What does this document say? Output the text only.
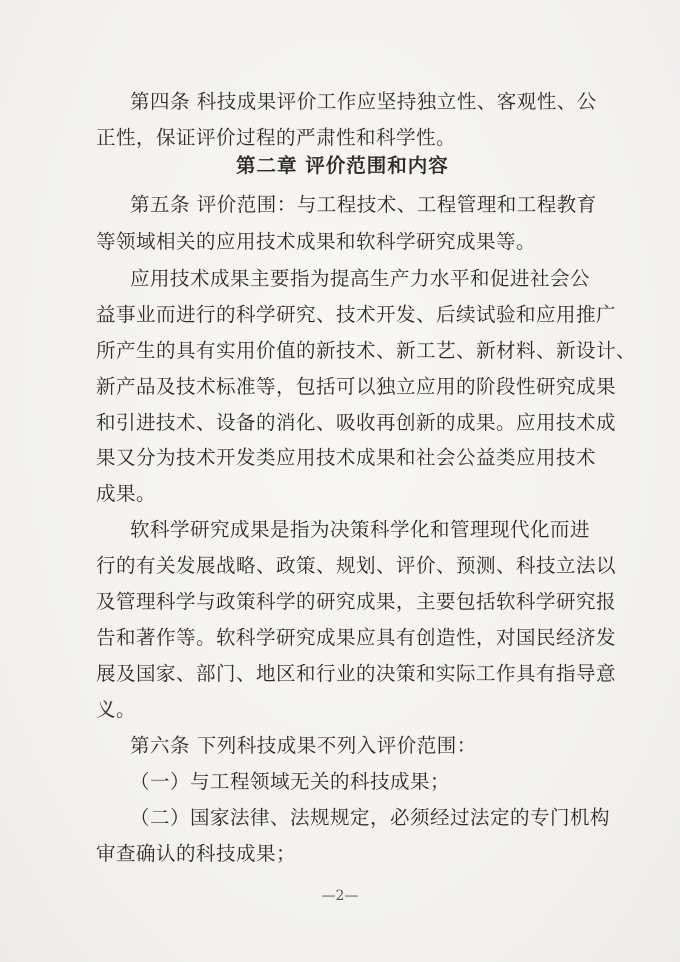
第四条 科技成果评价工作应坚持独立性、客观性、公
正性，保证评价过程的严肃性和科学性。
第二章 评价范围和内容
第五条 评价范围：与工程技术、工程管理和工程教育
等领域相关的应用技术成果和软科学研究成果等。
应用技术成果主要指为提高生产力水平和促进社会公
益事业而进行的科学研究、技术开发、后续试验和应用推广
所产生的具有实用价值的新技术、新工艺、新材料、新设计、
新产品及技术标准等，包括可以独立应用的阶段性研究成果
和引进技术、设备的消化、吸收再创新的成果。应用技术成
果又分为技术开发类应用技术成果和社会公益类应用技术
成果。
软科学研究成果是指为决策科学化和管理现代化而进
行的有关发展战略、政策、规划、评价、预测、科技立法以
及管理科学与政策科学的研究成果，主要包括软科学研究报
告和著作等。软科学研究成果应具有创造性，对国民经济发
展及国家、部门、地区和行业的决策和实际工作具有指导意
义。
第六条 下列科技成果不列入评价范围：
（一）与工程领域无关的科技成果；
（二）国家法律、法规规定，必须经过法定的专门机构
审查确认的科技成果；
—2—
